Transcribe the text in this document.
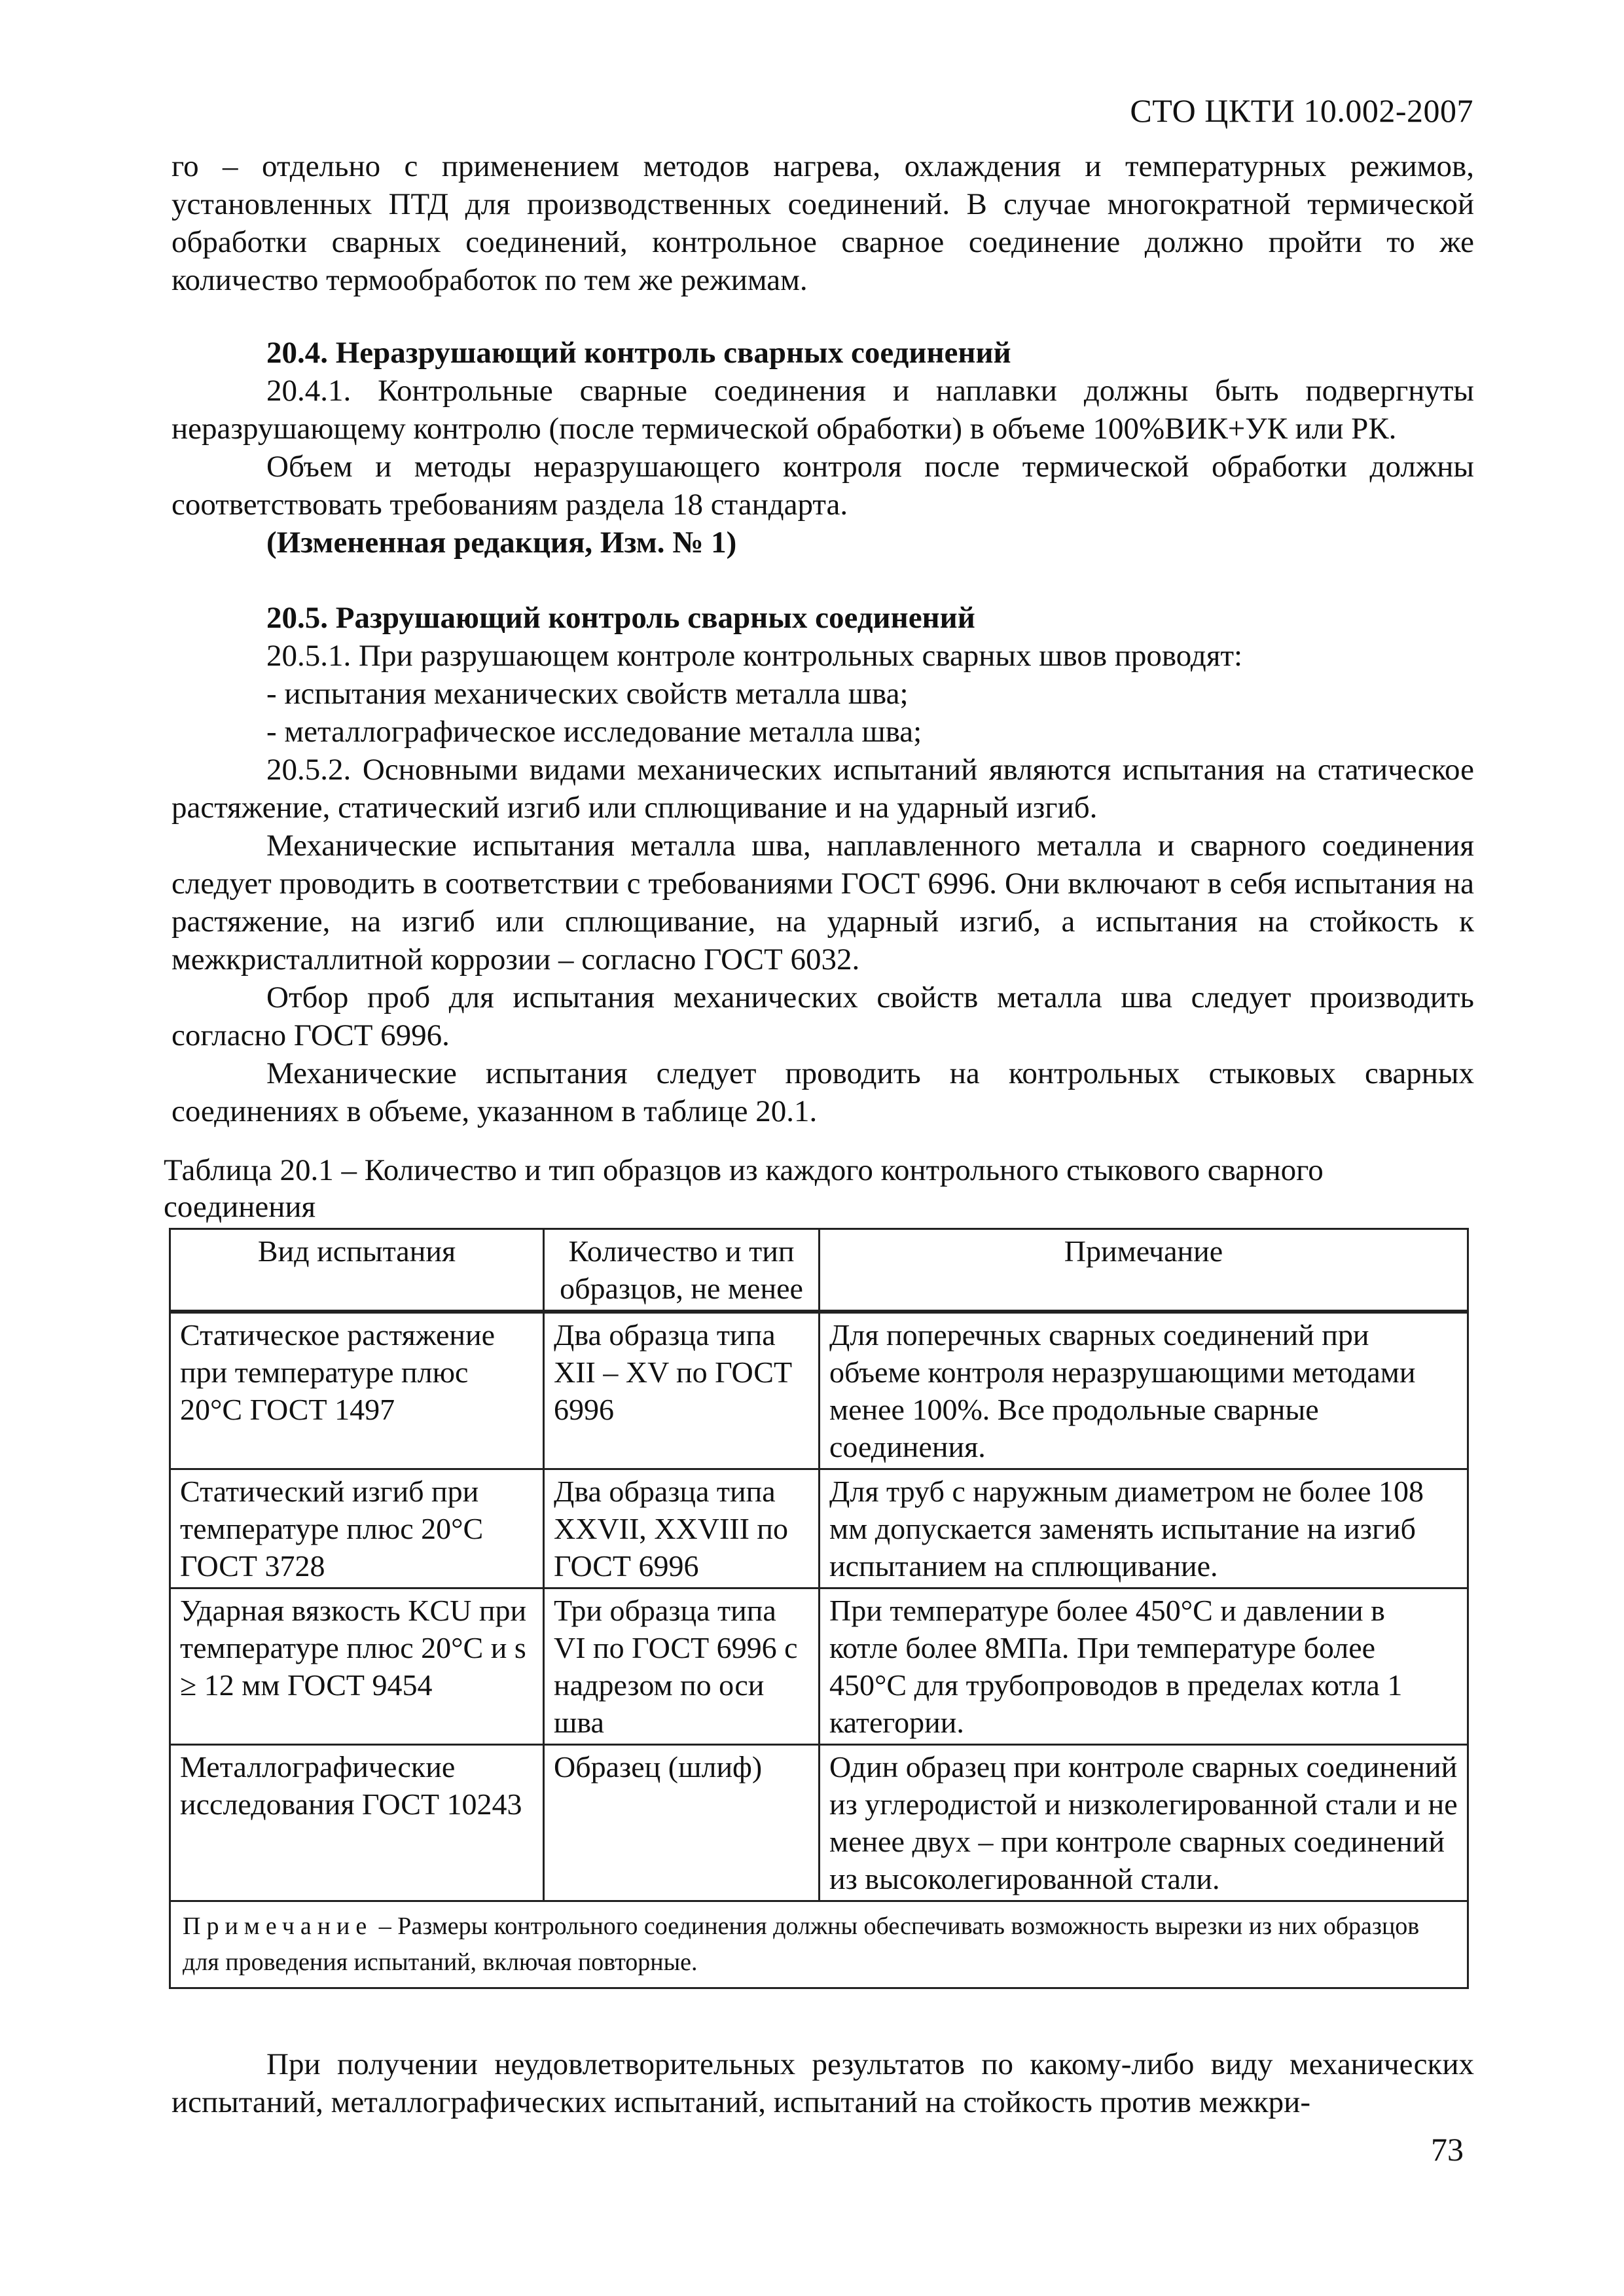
СТО ЦКТИ 10.002-2007

го – отдельно с применением методов нагрева, охлаждения и температурных режимов, установленных ПТД для производственных соединений. В случае многократной термической обработки сварных соединений, контрольное сварное соединение должно пройти то же количество термообработок по тем же режимам.

20.4. Неразрушающий контроль сварных соединений

20.4.1. Контрольные сварные соединения и наплавки должны быть подвергнуты неразрушающему контролю (после термической обработки) в объеме 100%ВИК+УК или РК.

Объем и методы неразрушающего контроля после термической обработки должны соответствовать требованиям раздела 18 стандарта.

(Измененная редакция, Изм. № 1)

20.5. Разрушающий контроль сварных соединений

20.5.1. При разрушающем контроле контрольных сварных швов проводят:

- испытания механических свойств металла шва;

- металлографическое исследование металла шва;

20.5.2. Основными видами механических испытаний являются испытания на статическое растяжение, статический изгиб или сплющивание и на ударный изгиб.

Механические испытания металла шва, наплавленного металла и сварного соединения следует проводить в соответствии с требованиями ГОСТ 6996. Они включают в себя испытания на растяжение, на изгиб или сплющивание, на ударный изгиб, а испытания на стойкость к межкристаллитной коррозии – согласно ГОСТ 6032.

Отбор проб для испытания механических свойств металла шва следует производить согласно ГОСТ 6996.

Механические испытания следует проводить на контрольных стыковых сварных соединениях в объеме, указанном в таблице 20.1.

Таблица 20.1 – Количество и тип образцов из каждого контрольного стыкового сварного соединения
Вид испытания	Количество и тип образцов, не менее	Примечание
Статическое растяжение при температуре плюс 20°С ГОСТ 1497	Два образца типа XII – XV по ГОСТ 6996	Для поперечных сварных соединений при объеме контроля неразрушающими методами менее 100%. Все продольные сварные соединения.
Статический изгиб при температуре плюс 20°С ГОСТ 3728	Два образца типа XXVII, XXVIII по ГОСТ 6996	Для труб с наружным диаметром не более 108 мм допускается заменять испытание на изгиб испытанием на сплющивание.
Ударная вязкость KCU при температуре плюс 20°С и s ≥ 12 мм ГОСТ 9454	Три образца типа VI по ГОСТ 6996 с надрезом по оси шва	При температуре более 450°С и давлении в котле более 8МПа. При температуре более 450°С для трубопроводов в пределах котла 1 категории.
Металлографические исследования ГОСТ 10243	Образец (шлиф)	Один образец при контроле сварных соединений из углеродистой и низколегированной стали и не менее двух – при контроле сварных соединений из высоколегированной стали.
Примечание – Размеры контрольного соединения должны обеспечивать возможность вырезки из них образцов для проведения испытаний, включая повторные.		

При получении неудовлетворительных результатов по какому-либо виду механических испытаний, металлографических испытаний, испытаний на стойкость против межкри-

73
